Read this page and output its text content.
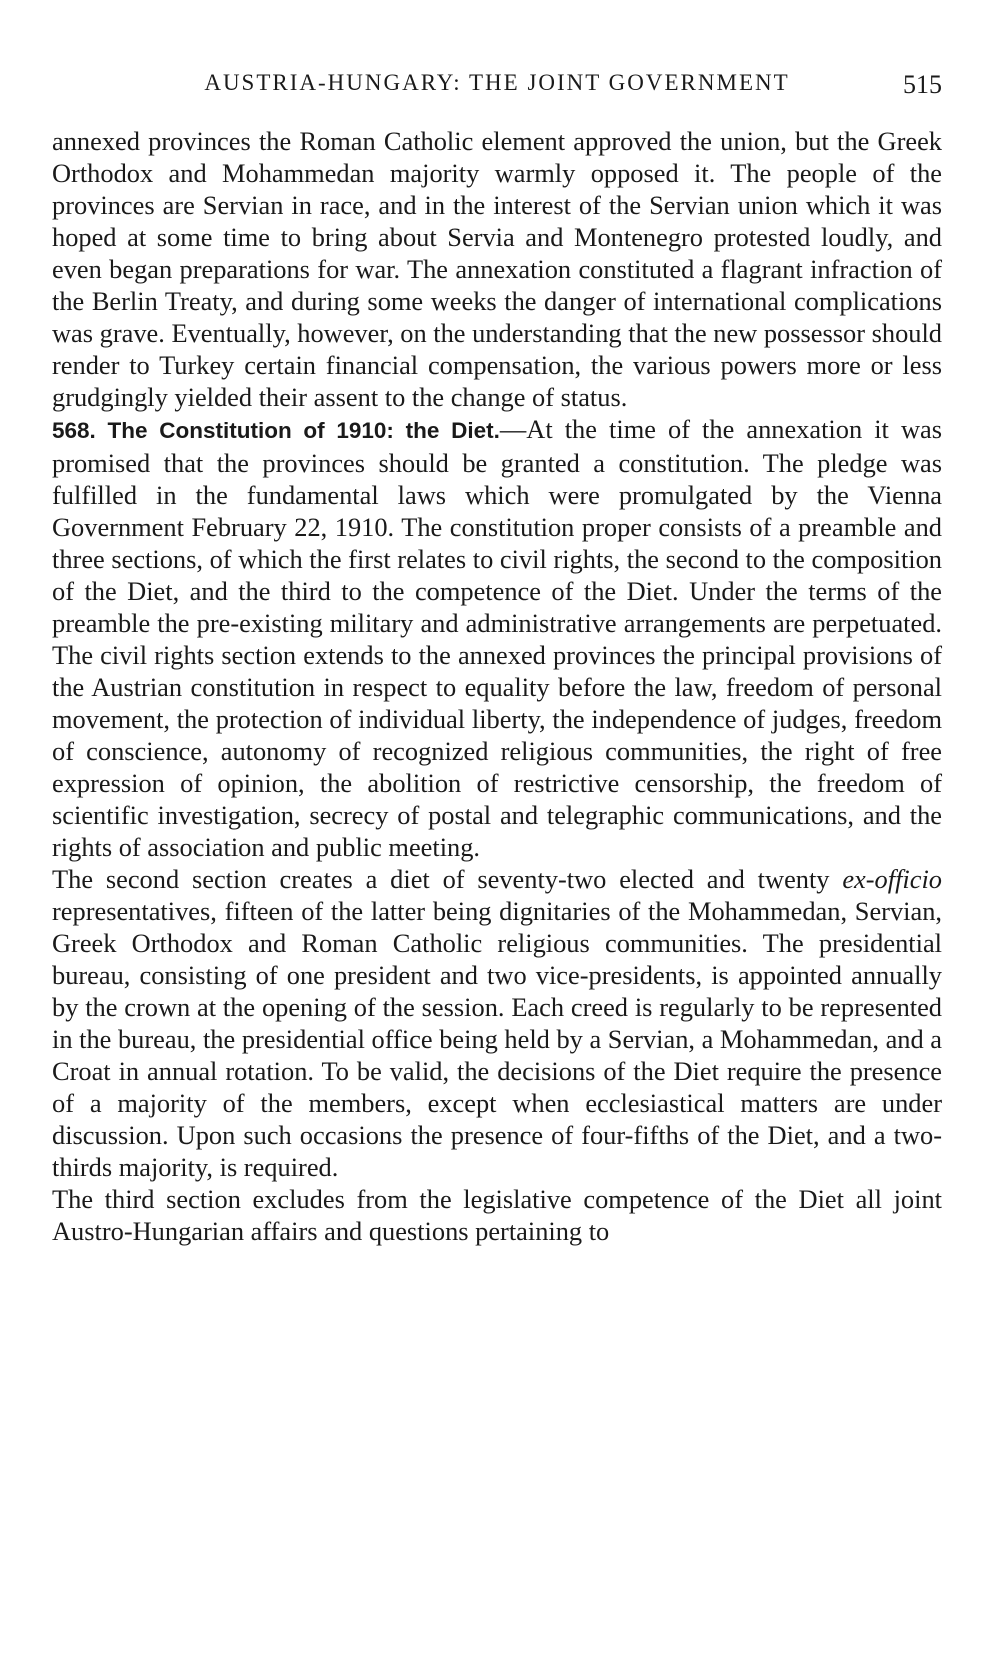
AUSTRIA-HUNGARY: THE JOINT GOVERNMENT	515

annexed provinces the Roman Catholic element approved the union, but the Greek Orthodox and Mohammedan majority warmly opposed it. The people of the provinces are Servian in race, and in the interest of the Servian union which it was hoped at some time to bring about Servia and Montenegro protested loudly, and even began preparations for war. The annexation constituted a flagrant infraction of the Berlin Treaty, and during some weeks the danger of international complications was grave. Eventually, however, on the understanding that the new possessor should render to Turkey certain financial compensation, the various powers more or less grudgingly yielded their assent to the change of status.

568. The Constitution of 1910: the Diet.—At the time of the annexation it was promised that the provinces should be granted a constitution. The pledge was fulfilled in the fundamental laws which were promulgated by the Vienna Government February 22, 1910. The constitution proper consists of a preamble and three sections, of which the first relates to civil rights, the second to the composition of the Diet, and the third to the competence of the Diet. Under the terms of the preamble the pre-existing military and administrative arrangements are perpetuated. The civil rights section extends to the annexed provinces the principal provisions of the Austrian constitution in respect to equality before the law, freedom of personal movement, the protection of individual liberty, the independence of judges, freedom of conscience, autonomy of recognized religious communities, the right of free expression of opinion, the abolition of restrictive censorship, the freedom of scientific investigation, secrecy of postal and telegraphic communications, and the rights of association and public meeting.

The second section creates a diet of seventy-two elected and twenty ex-officio representatives, fifteen of the latter being dignitaries of the Mohammedan, Servian, Greek Orthodox and Roman Catholic religious communities. The presidential bureau, consisting of one president and two vice-presidents, is appointed annually by the crown at the opening of the session. Each creed is regularly to be represented in the bureau, the presidential office being held by a Servian, a Mohammedan, and a Croat in annual rotation. To be valid, the decisions of the Diet require the presence of a majority of the members, except when ecclesiastical matters are under discussion. Upon such occasions the presence of four-fifths of the Diet, and a two-thirds majority, is required.

The third section excludes from the legislative competence of the Diet all joint Austro-Hungarian affairs and questions pertaining to
